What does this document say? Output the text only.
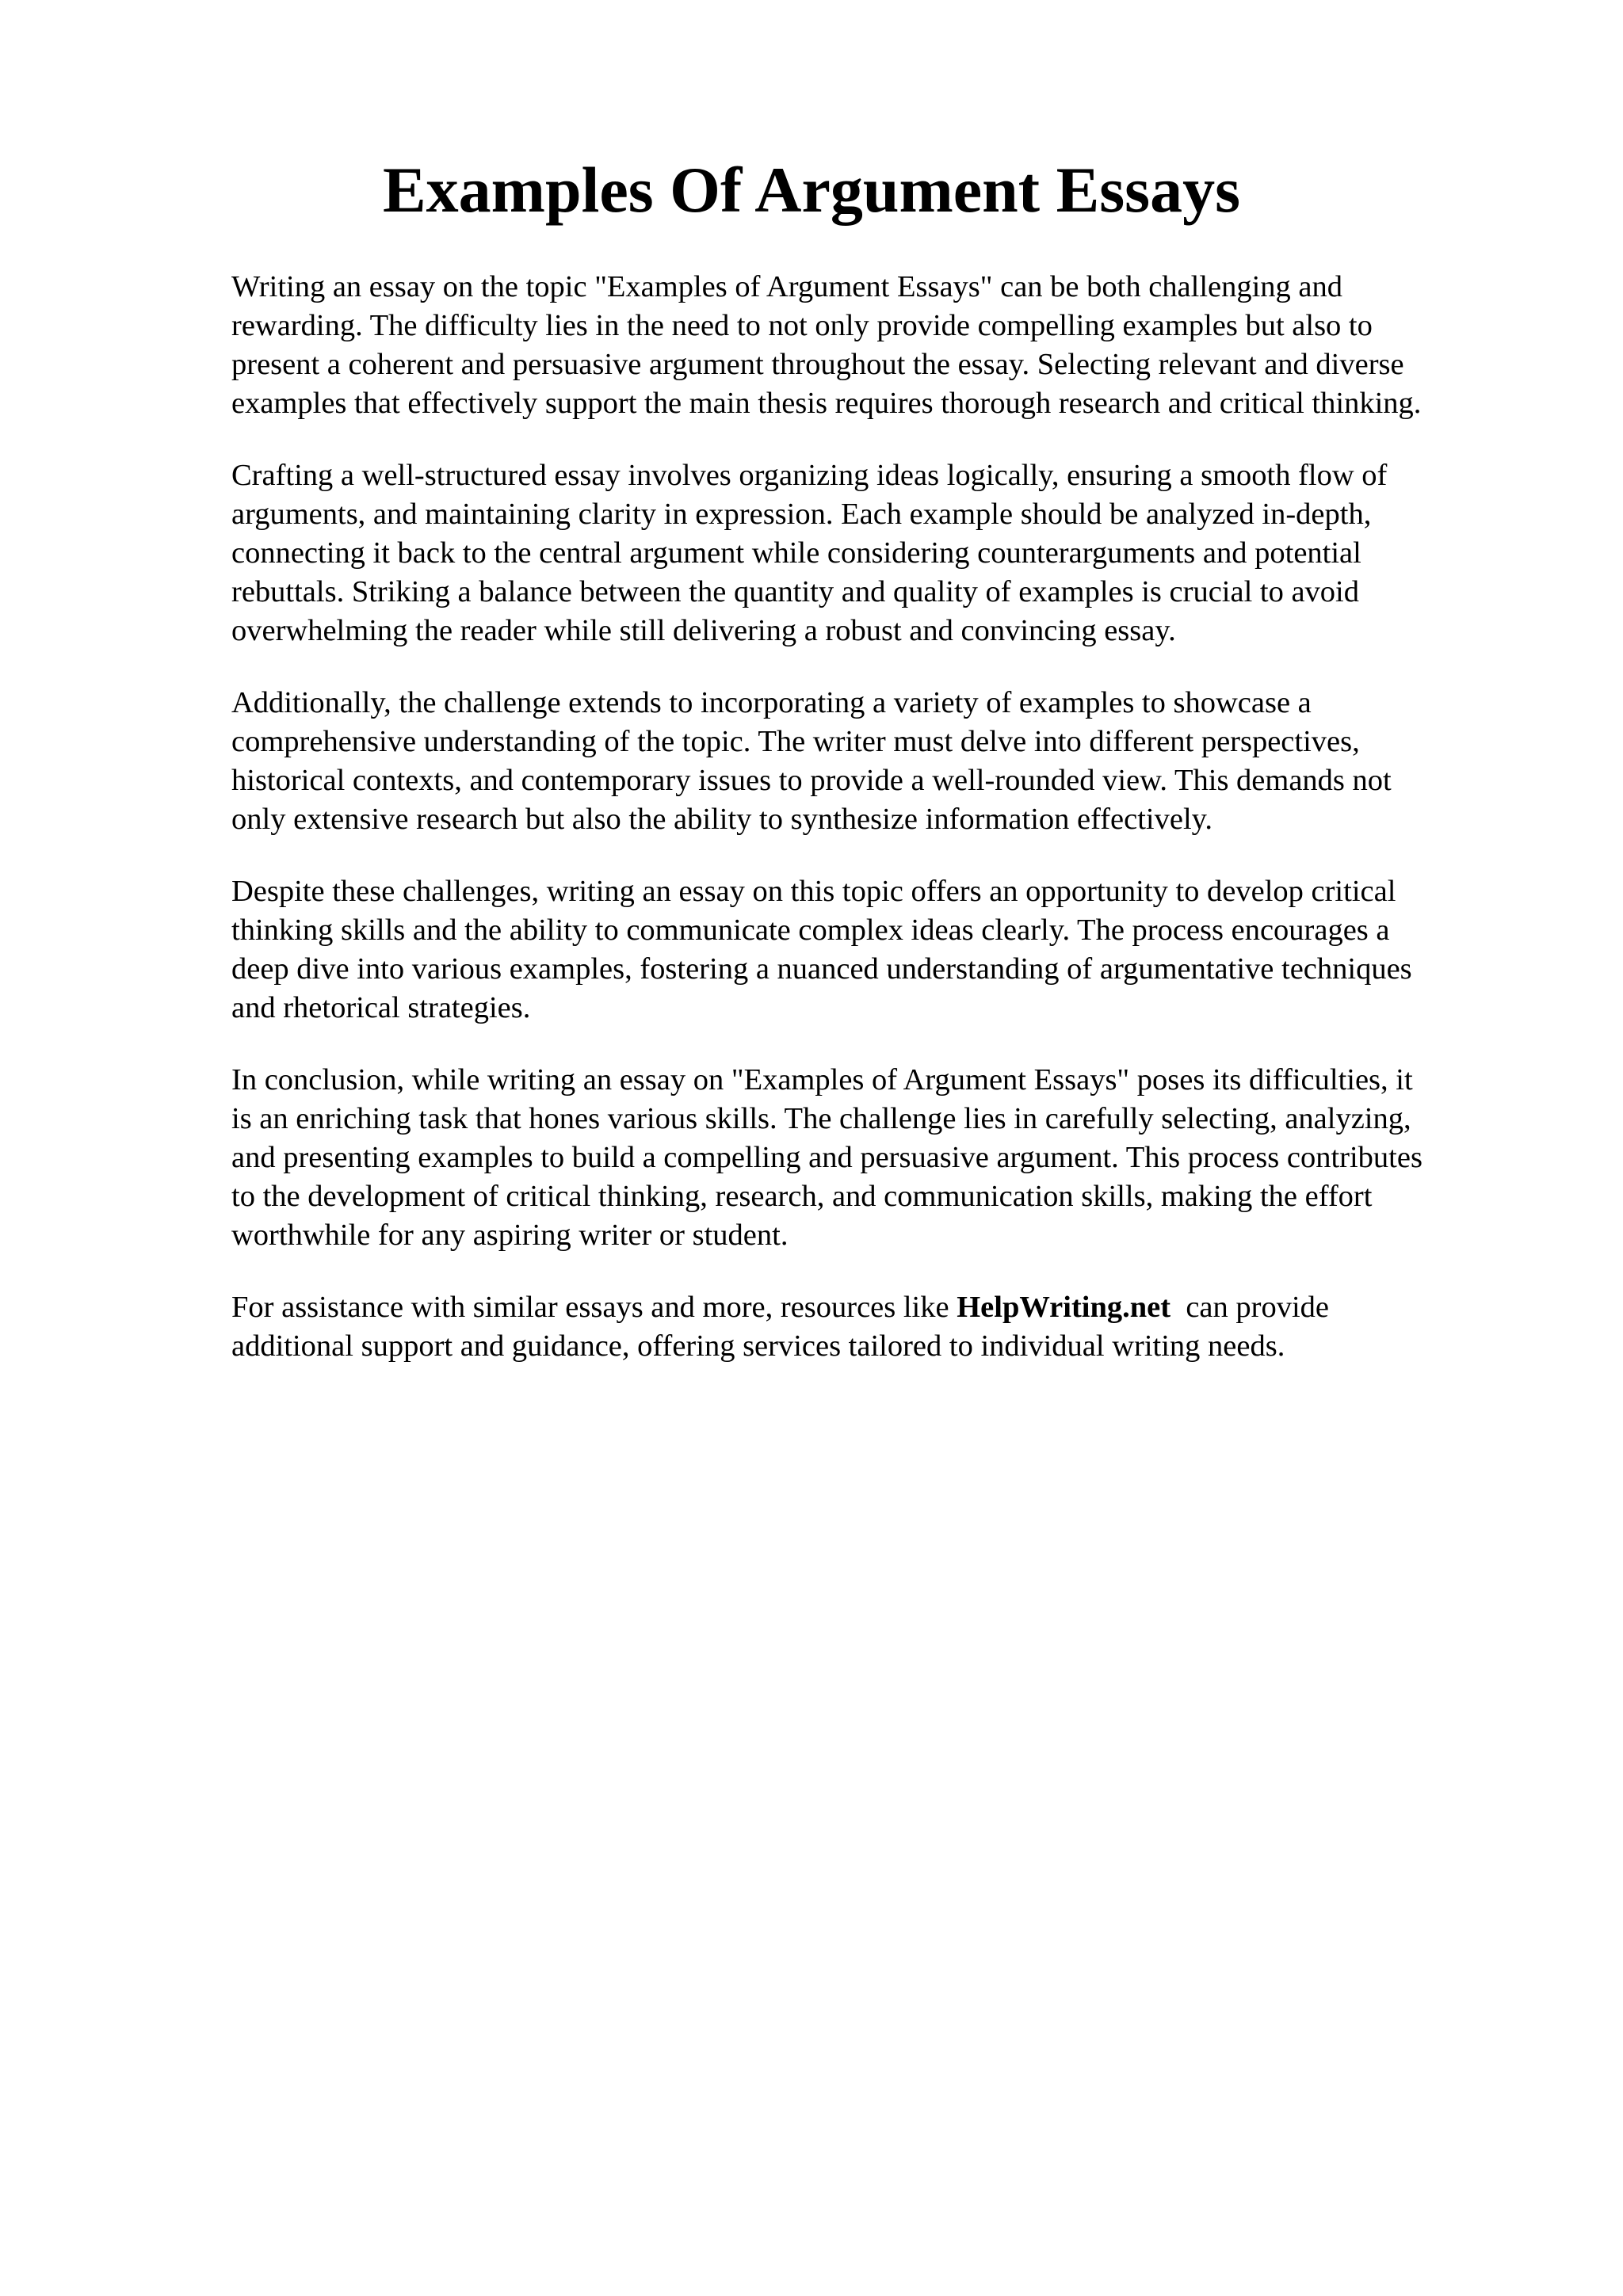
Examples Of Argument Essays

Writing an essay on the topic "Examples of Argument Essays" can be both challenging and
rewarding. The difficulty lies in the need to not only provide compelling examples but also to
present a coherent and persuasive argument throughout the essay. Selecting relevant and diverse
examples that effectively support the main thesis requires thorough research and critical thinking.

Crafting a well-structured essay involves organizing ideas logically, ensuring a smooth flow of
arguments, and maintaining clarity in expression. Each example should be analyzed in-depth,
connecting it back to the central argument while considering counterarguments and potential
rebuttals. Striking a balance between the quantity and quality of examples is crucial to avoid
overwhelming the reader while still delivering a robust and convincing essay.

Additionally, the challenge extends to incorporating a variety of examples to showcase a
comprehensive understanding of the topic. The writer must delve into different perspectives,
historical contexts, and contemporary issues to provide a well-rounded view. This demands not
only extensive research but also the ability to synthesize information effectively.

Despite these challenges, writing an essay on this topic offers an opportunity to develop critical
thinking skills and the ability to communicate complex ideas clearly. The process encourages a
deep dive into various examples, fostering a nuanced understanding of argumentative techniques
and rhetorical strategies.

In conclusion, while writing an essay on "Examples of Argument Essays" poses its difficulties, it
is an enriching task that hones various skills. The challenge lies in carefully selecting, analyzing,
and presenting examples to build a compelling and persuasive argument. This process contributes
to the development of critical thinking, research, and communication skills, making the effort
worthwhile for any aspiring writer or student.

For assistance with similar essays and more, resources like HelpWriting.net  can provide
additional support and guidance, offering services tailored to individual writing needs.
